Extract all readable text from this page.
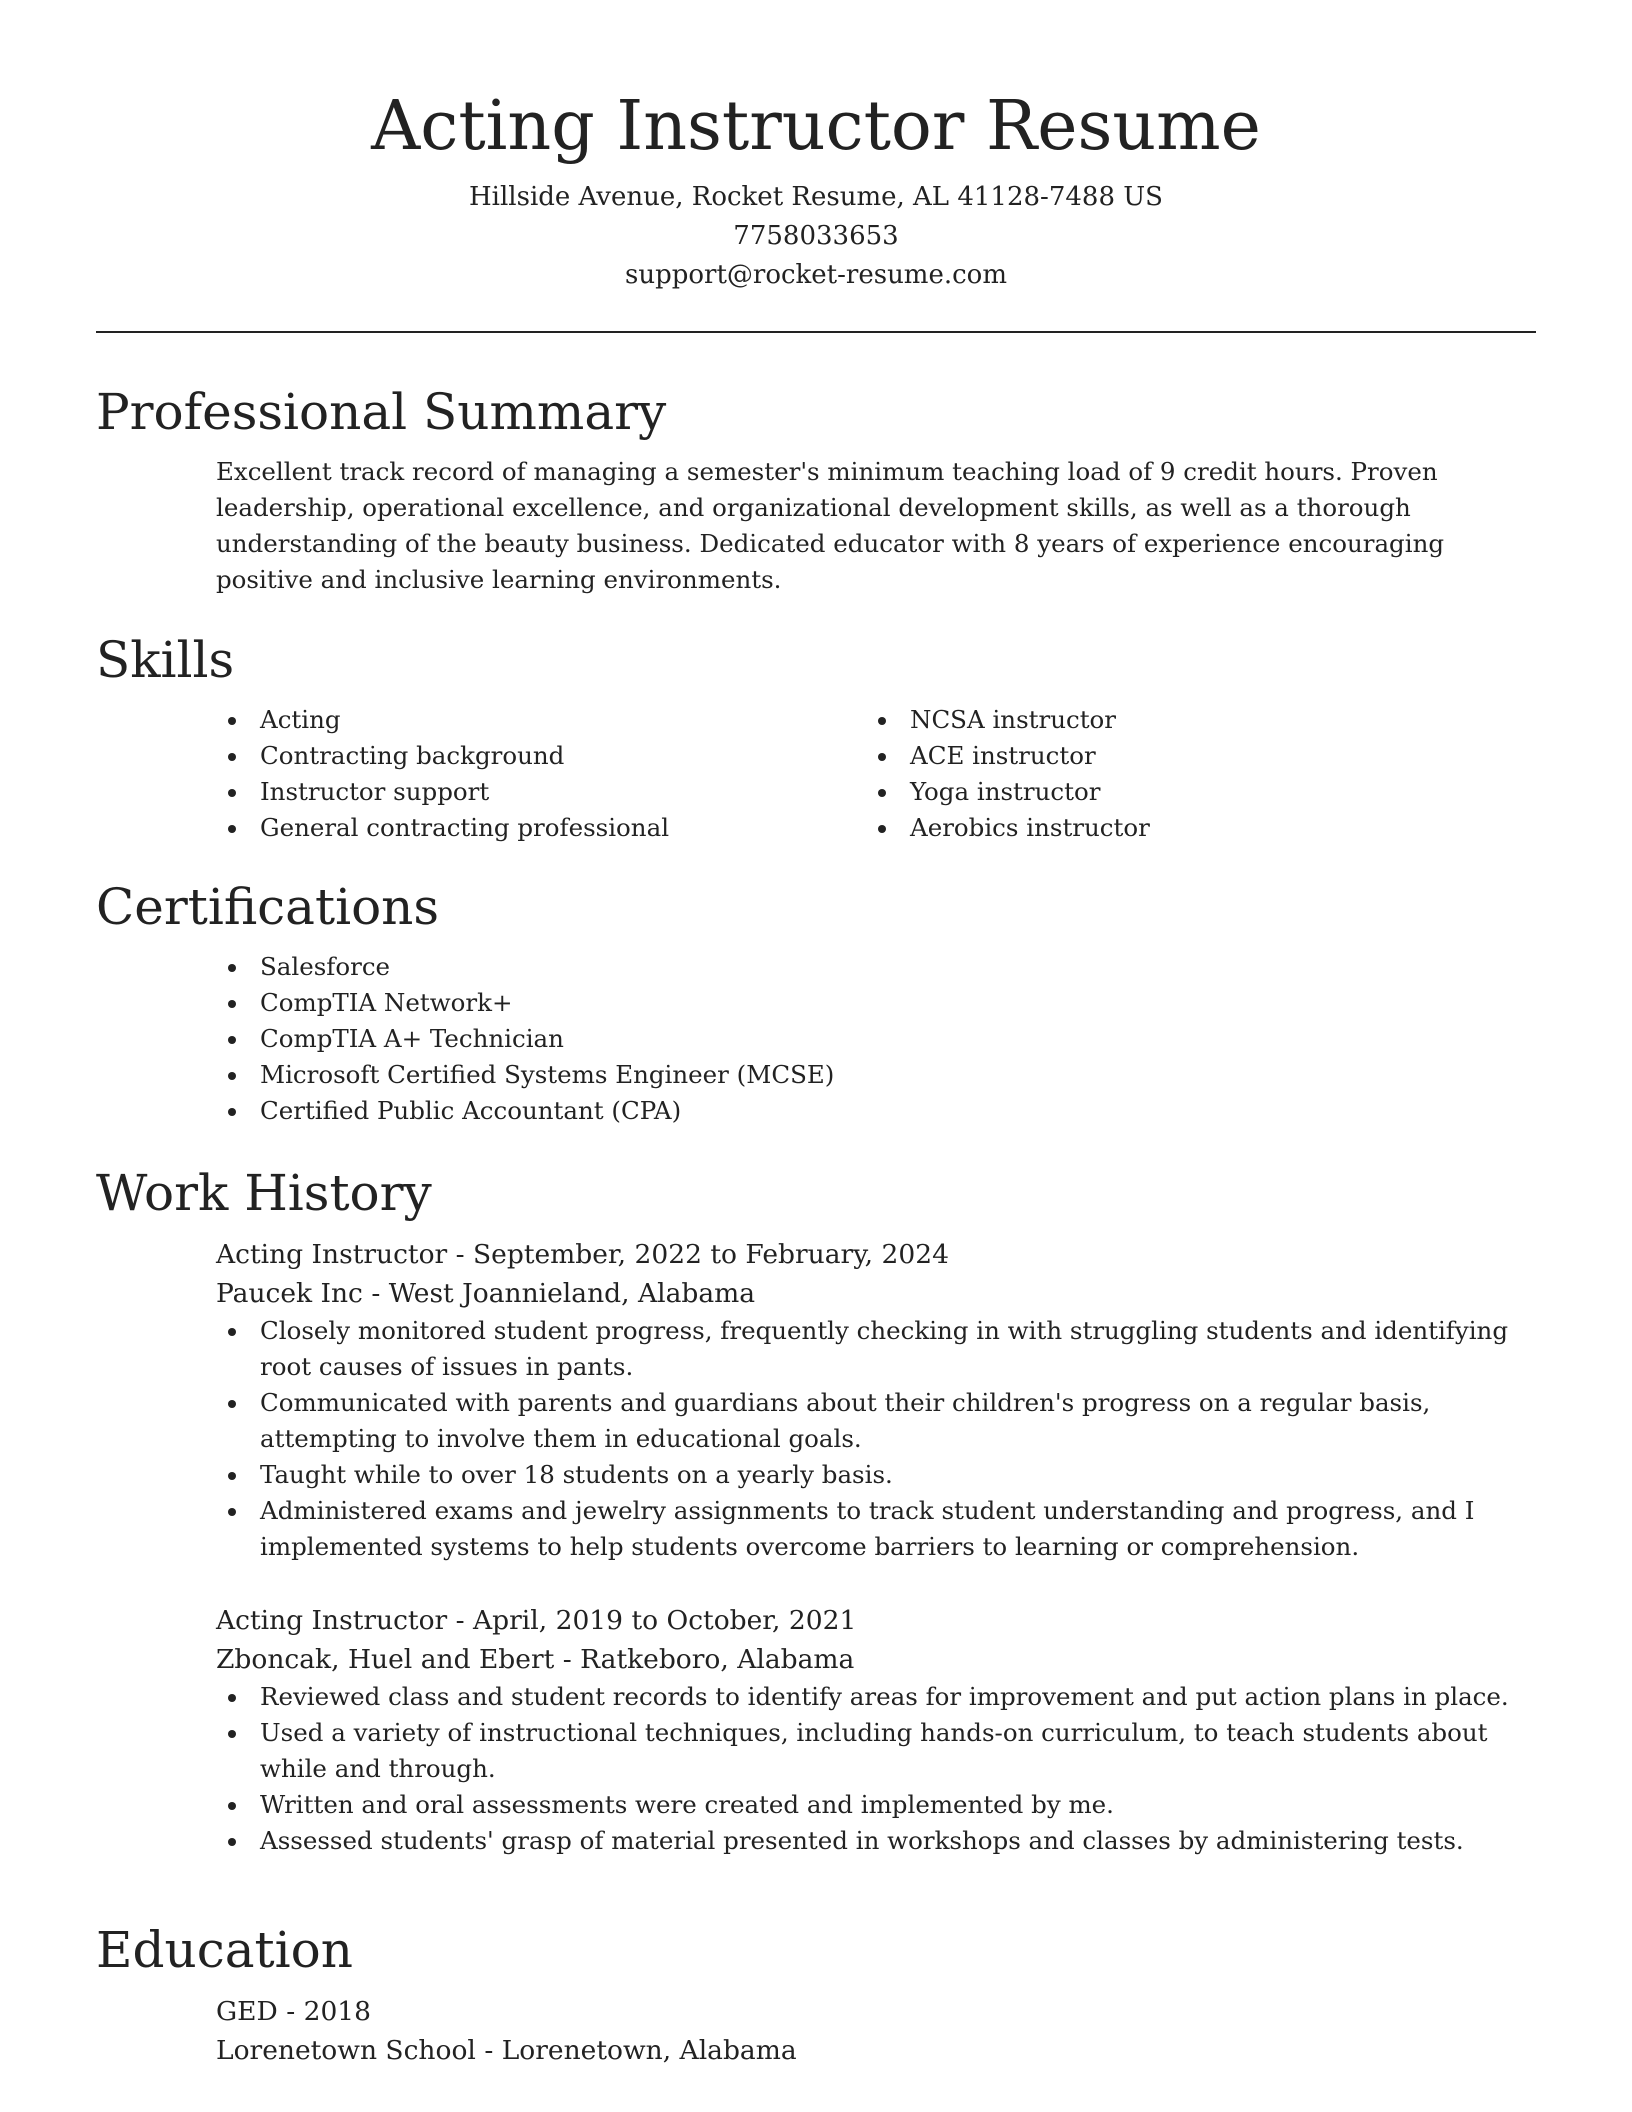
Acting Instructor Resume

Hillside Avenue, Rocket Resume, AL 41128-7488 US

7758033653

support@rocket-resume.com

Professional Summary

Excellent track record of managing a semester's minimum teaching load of 9 credit hours. Proven leadership, operational excellence, and organizational development skills, as well as a thorough understanding of the beauty business. Dedicated educator with 8 years of experience encouraging positive and inclusive learning environments.

Skills
Acting
Contracting background
Instructor support
General contracting professional
NCSA instructor
ACE instructor
Yoga instructor
Aerobics instructor
Certifications
Salesforce
CompTIA Network+
CompTIA A+ Technician
Microsoft Certified Systems Engineer (MCSE)
Certified Public Accountant (CPA)
Work History

Acting Instructor - September, 2022 to February, 2024

Paucek Inc - West Joannieland, Alabama

Closely monitored student progress, frequently checking in with struggling students and identifying root causes of issues in pants.
Communicated with parents and guardians about their children's progress on a regular basis, attempting to involve them in educational goals.
Taught while to over 18 students on a yearly basis.
Administered exams and jewelry assignments to track student understanding and progress, and I implemented systems to help students overcome barriers to learning or comprehension.

Acting Instructor - April, 2019 to October, 2021

Zboncak, Huel and Ebert - Ratkeboro, Alabama

Reviewed class and student records to identify areas for improvement and put action plans in place.
Used a variety of instructional techniques, including hands-on curriculum, to teach students about while and through.
Written and oral assessments were created and implemented by me.
Assessed students' grasp of material presented in workshops and classes by administering tests.
Education

GED - 2018

Lorenetown School - Lorenetown, Alabama
